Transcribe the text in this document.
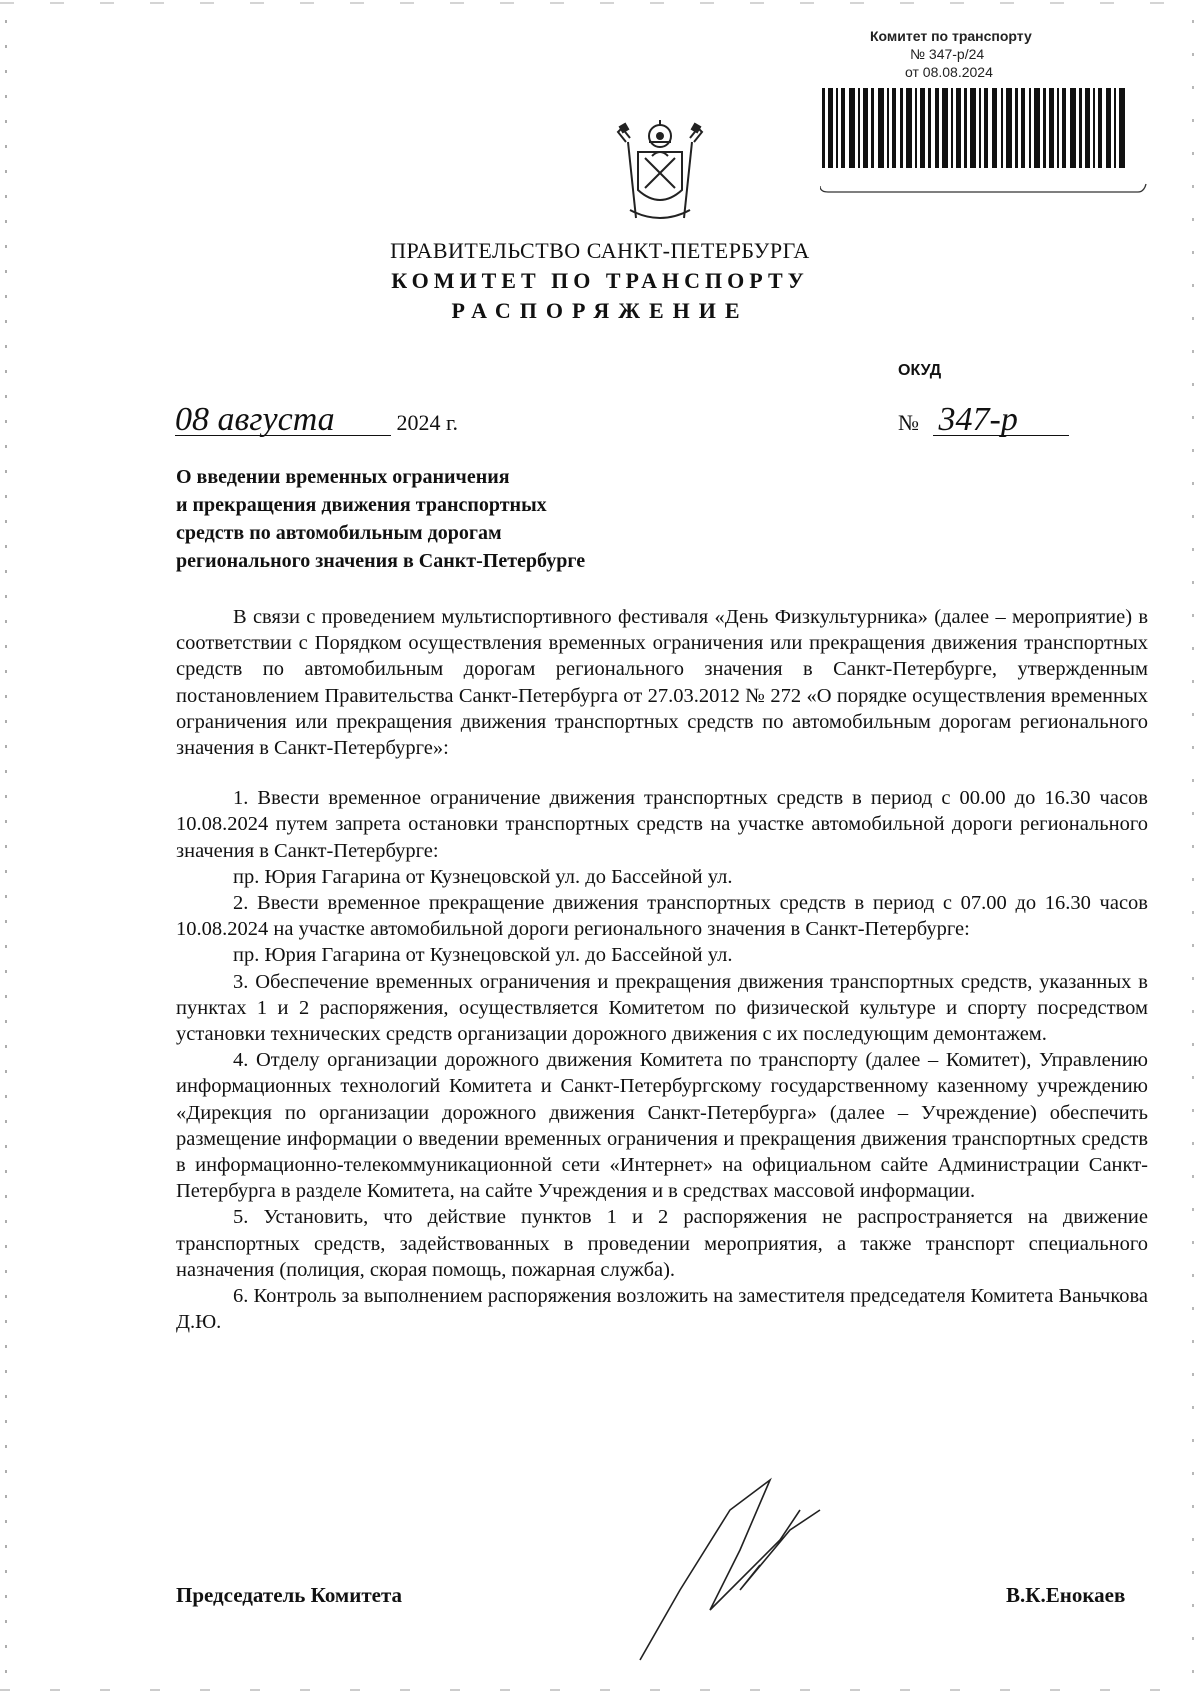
Комитет по транспорту
№ 347-р/24
от 08.08.2024
ПРАВИТЕЛЬСТВО САНКТ-ПЕТЕРБУРГА
КОМИТЕТ ПО ТРАНСПОРТУ
РАСПОРЯЖЕНИЕ
ОКУД
08 августа	2024 г.	№ 347-р
О введении временных ограничения
и прекращения движения транспортных
средств по автомобильным дорогам
регионального значения в Санкт-Петербурге

В связи с проведением мультиспортивного фестиваля «День Физкультурника» (далее – мероприятие) в соответствии с Порядком осуществления временных ограничения или прекращения движения транспортных средств по автомобильным дорогам регионального значения в Санкт-Петербурге, утвержденным постановлением Правительства Санкт-Петербурга от 27.03.2012 № 272 «О порядке осуществления временных ограничения или прекращения движения транспортных средств по автомобильным дорогам регионального значения в Санкт-Петербурге»:

1. Ввести временное ограничение движения транспортных средств в период с 00.00 до 16.30 часов 10.08.2024 путем запрета остановки транспортных средств на участке автомобильной дороги регионального значения в Санкт-Петербурге:

пр. Юрия Гагарина от Кузнецовской ул. до Бассейной ул.

2. Ввести временное прекращение движения транспортных средств в период с 07.00 до 16.30 часов 10.08.2024 на участке автомобильной дороги регионального значения в Санкт-Петербурге:

пр. Юрия Гагарина от Кузнецовской ул. до Бассейной ул.

3. Обеспечение временных ограничения и прекращения движения транспортных средств, указанных в пунктах 1 и 2 распоряжения, осуществляется Комитетом по физической культуре и спорту посредством установки технических средств организации дорожного движения с их последующим демонтажем.

4. Отделу организации дорожного движения Комитета по транспорту (далее – Комитет), Управлению информационных технологий Комитета и Санкт-Петербургскому государственному казенному учреждению «Дирекция по организации дорожного движения Санкт-Петербурга» (далее – Учреждение) обеспечить размещение информации о введении временных ограничения и прекращения движения транспортных средств в информационно-телекоммуникационной сети «Интернет» на официальном сайте Администрации Санкт-Петербурга в разделе Комитета, на сайте Учреждения и в средствах массовой информации.

5. Установить, что действие пунктов 1 и 2 распоряжения не распространяется на движение транспортных средств, задействованных в проведении мероприятия, а также транспорт специального назначения (полиция, скорая помощь, пожарная служба).

6. Контроль за выполнением распоряжения возложить на заместителя председателя Комитета Ваньчкова Д.Ю.

Председатель Комитета	В.К.Енокаев
